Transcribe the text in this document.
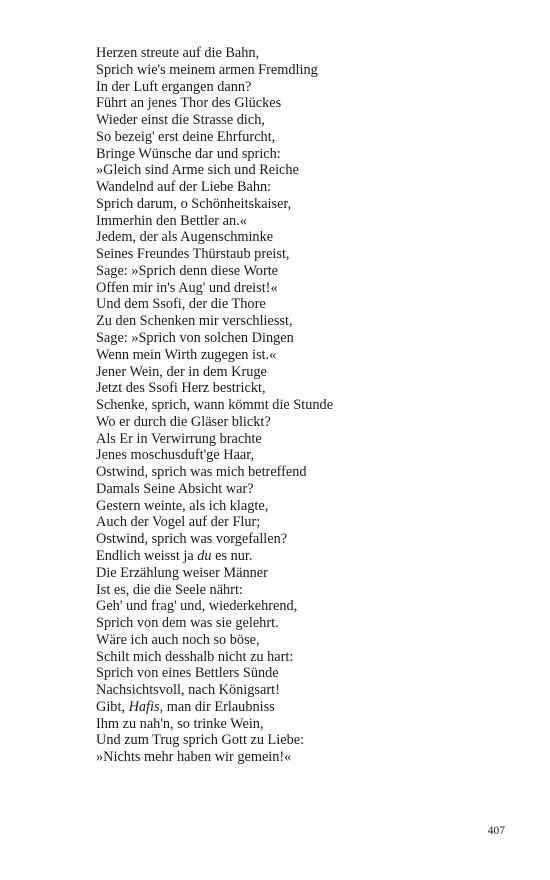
Herzen streute auf die Bahn,
Sprich wie's meinem armen Fremdling
In der Luft ergangen dann?
Führt an jenes Thor des Glückes
Wieder einst die Strasse dich,
So bezeig' erst deine Ehrfurcht,
Bringe Wünsche dar und sprich:
»Gleich sind Arme sich und Reiche
Wandelnd auf der Liebe Bahn:
Sprich darum, o Schönheitskaiser,
Immerhin den Bettler an.«
Jedem, der als Augenschminke
Seines Freundes Thürstaub preist,
Sage: »Sprich denn diese Worte
Offen mir in's Aug' und dreist!«
Und dem Ssofi, der die Thore
Zu den Schenken mir verschliesst,
Sage: »Sprich von solchen Dingen
Wenn mein Wirth zugegen ist.«
Jener Wein, der in dem Kruge
Jetzt des Ssofi Herz bestrickt,
Schenke, sprich, wann kömmt die Stunde
Wo er durch die Gläser blickt?
Als Er in Verwirrung brachte
Jenes moschusduft'ge Haar,
Ostwind, sprich was mich betreffend
Damals Seine Absicht war?
Gestern weinte, als ich klagte,
Auch der Vogel auf der Flur;
Ostwind, sprich was vorgefallen?
Endlich weisst ja du es nur.
Die Erzählung weiser Männer
Ist es, die die Seele nährt:
Geh' und frag' und, wiederkehrend,
Sprich von dem was sie gelehrt.
Wäre ich auch noch so böse,
Schilt mich desshalb nicht zu hart:
Sprich von eines Bettlers Sünde
Nachsichtsvoll, nach Königsart!
Gibt, Hafis, man dir Erlaubniss
Ihm zu nah'n, so trinke Wein,
Und zum Trug sprich Gott zu Liebe:
»Nichts mehr haben wir gemein!«
407
